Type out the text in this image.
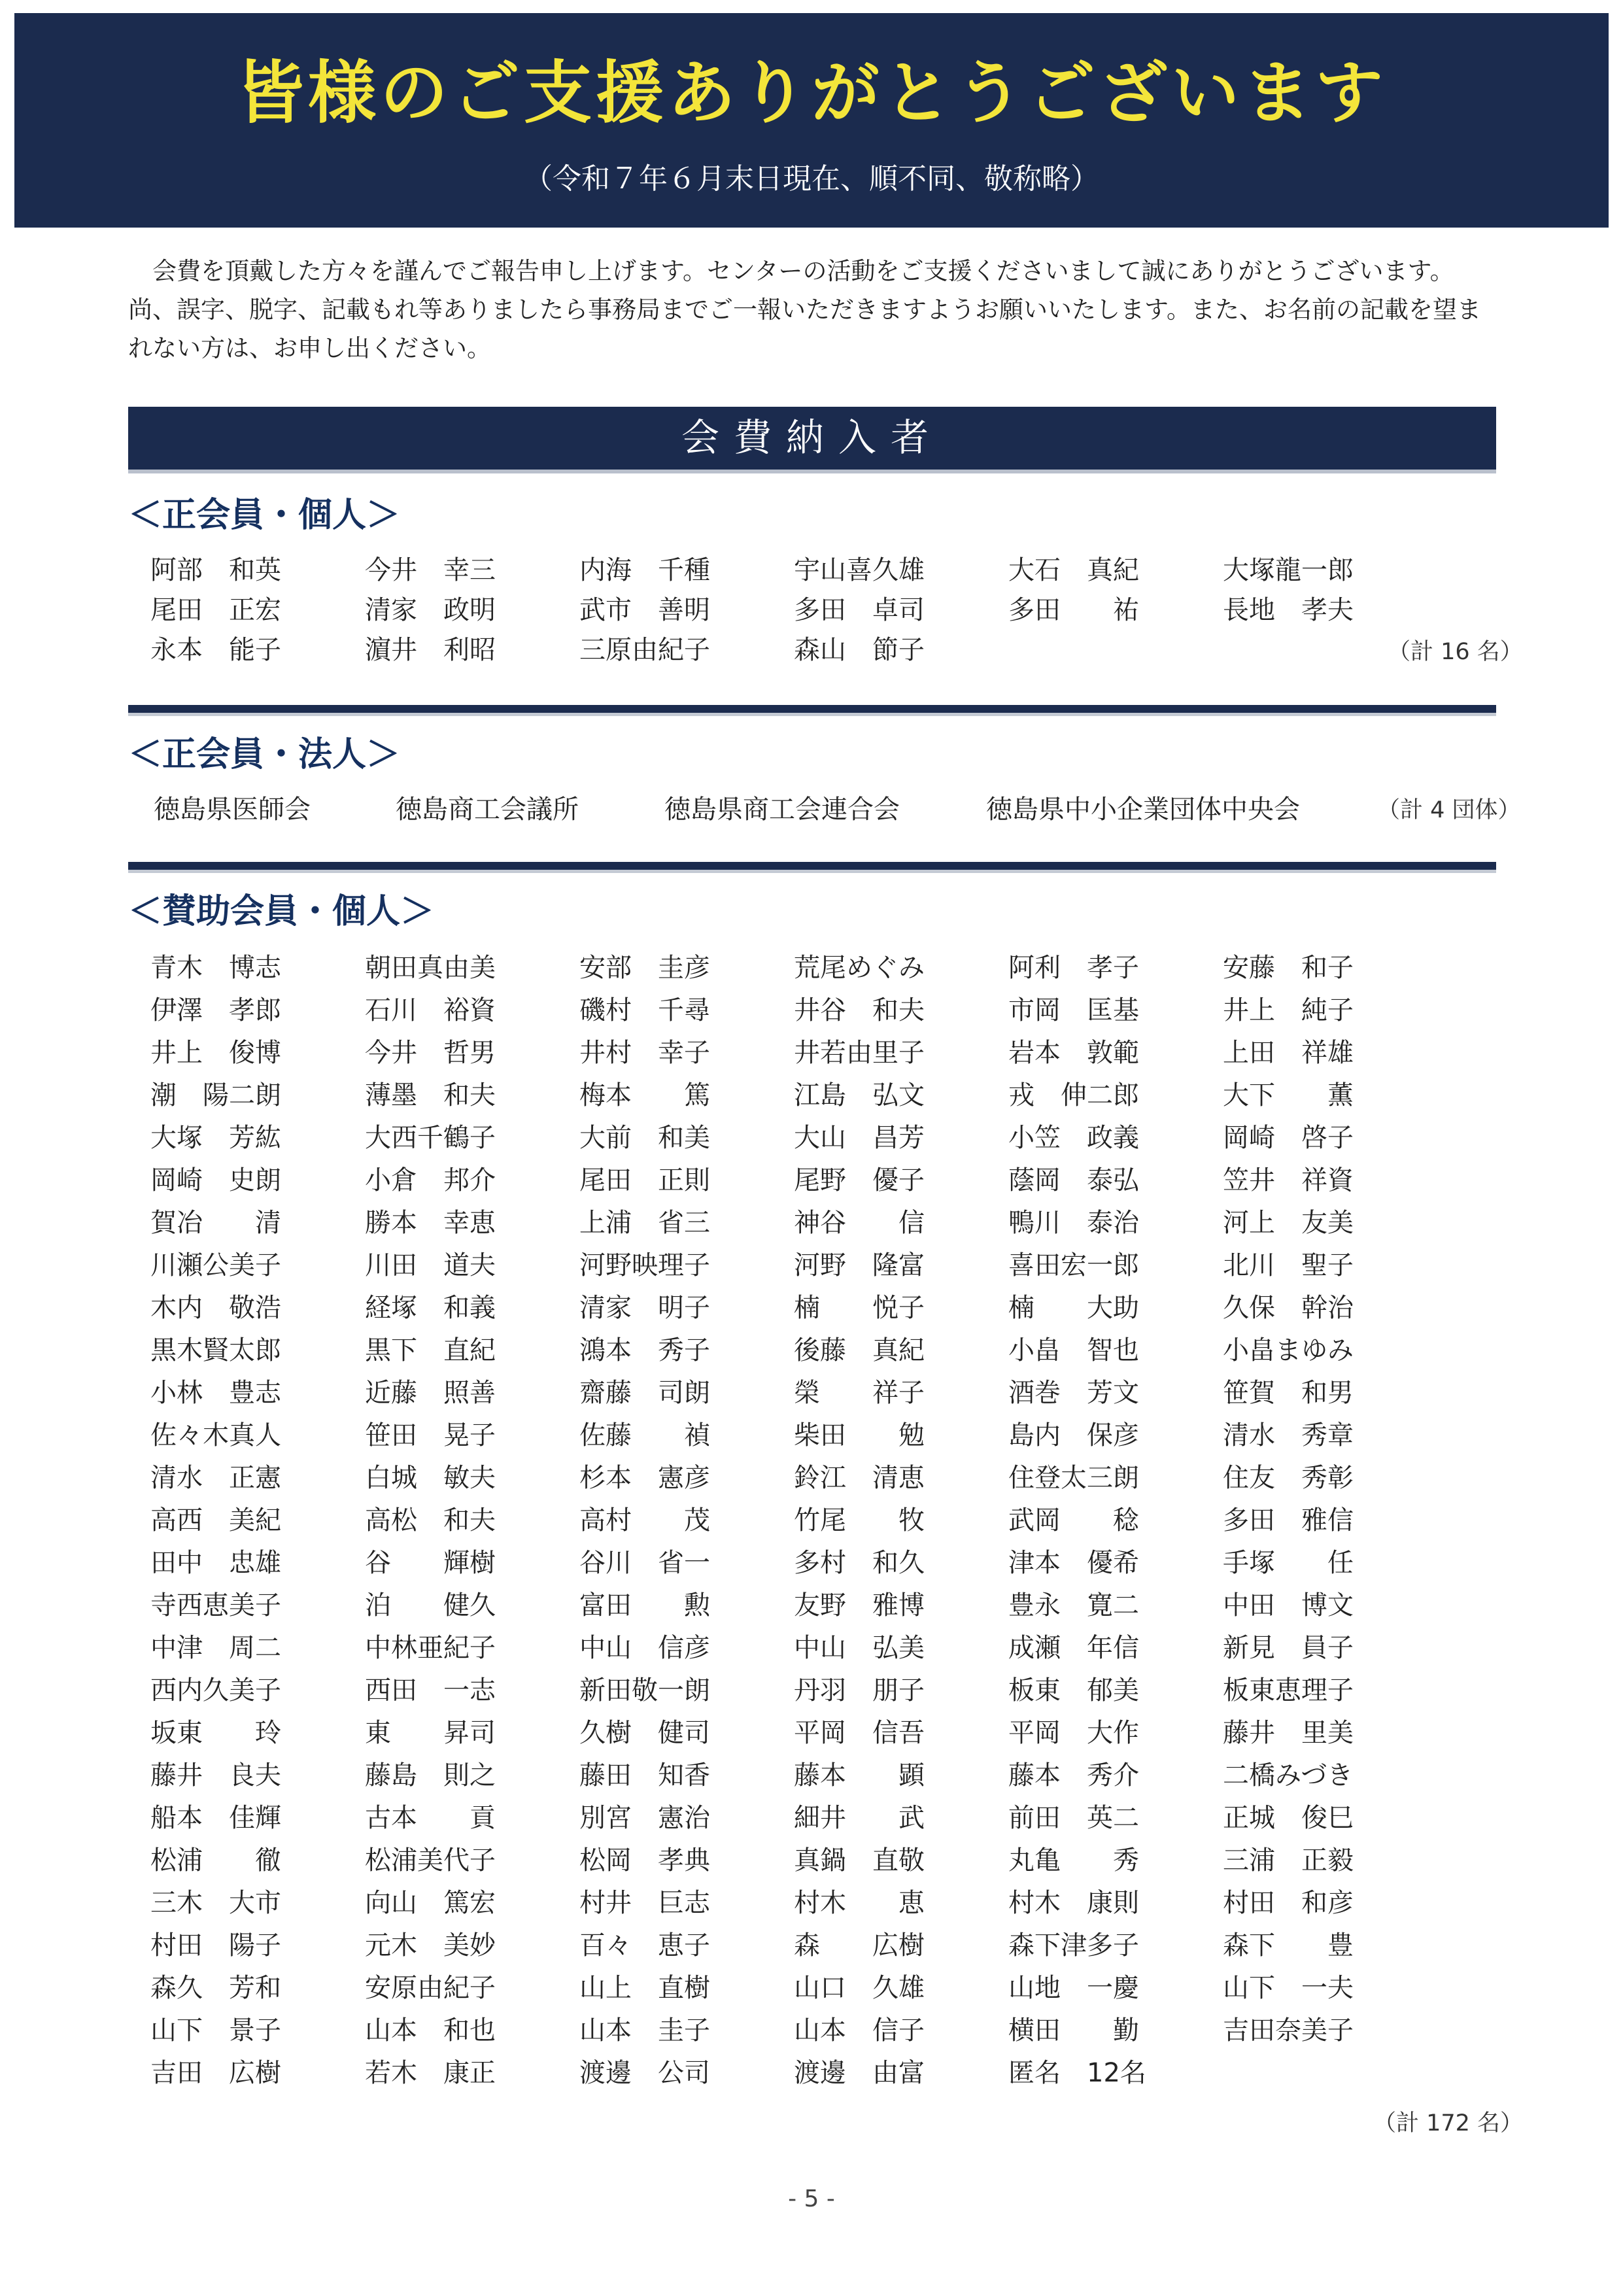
皆様のご支援ありがとうございます
（令和７年６月末日現在、順不同、敬称略）
　会費を頂戴した方々を謹んでご報告申し上げます。センターの活動をご支援くださいまして誠にありがとうございます。尚、誤字、脱字、記載もれ等ありましたら事務局までご一報いただきますようお願いいたします。また、お名前の記載を望まれない方は、お申し出ください。
会費納入者
＜正会員・個人＞
阿部　和英	今井　幸三	内海　千種	宇山喜久雄	大石　真紀	大塚龍一郎
尾田　正宏	清家　政明	武市　善明	多田　卓司	多田　　祐	長地　孝夫
永本　能子	濵井　利昭	三原由紀子	森山　節子	（計 16 名）
＜正会員・法人＞
徳島県医師会	徳島商工会議所	徳島県商工会連合会	徳島県中小企業団体中央会	（計 4 団体）
＜賛助会員・個人＞
青木　博志	朝田真由美	安部　圭彦	荒尾めぐみ	阿利　孝子	安藤　和子
伊澤　孝郎	石川　裕資	磯村　千尋	井谷　和夫	市岡　匡基	井上　純子
井上　俊博	今井　哲男	井村　幸子	井若由里子	岩本　敦範	上田　祥雄
潮　陽二朗	薄墨　和夫	梅本　　篤	江島　弘文	戎　伸二郎	大下　　薫
大塚　芳紘	大西千鶴子	大前　和美	大山　昌芳	小笠　政義	岡崎　啓子
岡崎　史朗	小倉　邦介	尾田　正則	尾野　優子	蔭岡　泰弘	笠井　祥資
賀冶　　清	勝本　幸恵	上浦　省三	神谷　　信	鴨川　泰治	河上　友美
川瀬公美子	川田　道夫	河野映理子	河野　隆富	喜田宏一郎	北川　聖子
木内　敬浩	経塚　和義	清家　明子	楠　　悦子	楠　　大助	久保　幹治
黒木賢太郎	黒下　直紀	鴻本　秀子	後藤　真紀	小畠　智也	小畠まゆみ
小林　豊志	近藤　照善	齋藤　司朗	榮　　祥子	酒巻　芳文	笹賀　和男
佐々木真人	笹田　晃子	佐藤　　禎	柴田　　勉	島内　保彦	清水　秀章
清水　正憲	白城　敏夫	杉本　憲彦	鈴江　清恵	住登太三朗	住友　秀彰
高西　美紀	高松　和夫	高村　　茂	竹尾　　牧	武岡　　稔	多田　雅信
田中　忠雄	谷　　輝樹	谷川　省一	多村　和久	津本　優希	手塚　　任
寺西恵美子	泊　　健久	富田　　勲	友野　雅博	豊永　寛二	中田　博文
中津　周二	中林亜紀子	中山　信彦	中山　弘美	成瀬　年信	新見　員子
西内久美子	西田　一志	新田敬一朗	丹羽　朋子	板東　郁美	板東恵理子
坂東　　玲	東　　昇司	久樹　健司	平岡　信吾	平岡　大作	藤井　里美
藤井　良夫	藤島　則之	藤田　知香	藤本　　顕	藤本　秀介	二橋みづき
船本　佳輝	古本　　貢	別宮　憲治	細井　　武	前田　英二	正城　俊巳
松浦　　徹	松浦美代子	松岡　孝典	真鍋　直敬	丸亀　　秀	三浦　正毅
三木　大市	向山　篤宏	村井　巨志	村木　　恵	村木　康則	村田　和彦
村田　陽子	元木　美妙	百々　恵子	森　　広樹	森下津多子	森下　　豊
森久　芳和	安原由紀子	山上　直樹	山口　久雄	山地　一慶	山下　一夫
山下　景子	山本　和也	山本　圭子	山本　信子	横田　　勤	吉田奈美子
吉田　広樹	若木　康正	渡邊　公司	渡邊　由富	匿名　12名
（計 172 名）
- 5 -
